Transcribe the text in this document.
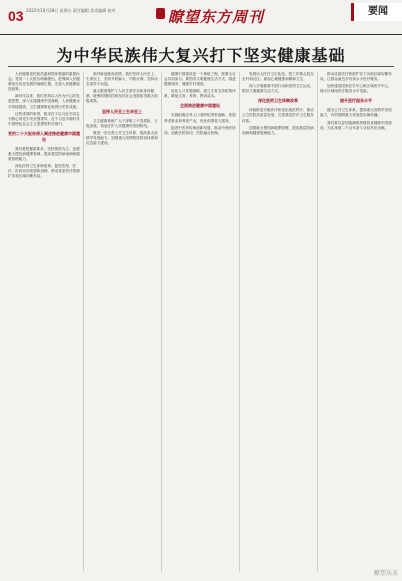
03 2022年10月28日 星期五 责任编辑 美术编辑 校对	瞭望东方周刊	要闻
为中华民族伟大复兴打下坚实健康基础

人民健康是民族昌盛和国家强盛的重要标志。党的二十大报告明确提出，把保障人民健康放在优先发展的战略位置，完善人民健康促进政策。

新时代以来，我们坚持以人民为中心的发展思想，深入实施健康中国战略，人民健康水平持续提高，卫生健康事业取得历史性成就。

这些成绩的取得，根本在于以习近平同志为核心的党中央坚强领导，在于习近平新时代中国特色社会主义思想的科学指引。

党的二十大报告深入阐述推进健康中国建设

我们要把握新要求，坚持预防为主，加强重大慢性病健康管理，提高基层防病治病和健康管理能力。

深化医药卫生体制改革，促进医保、医疗、医药协同发展和治理，推动优质医疗资源扩容和区域均衡布局。

面对新冠肺炎疫情，我们坚持人民至上、生命至上，坚持外防输入、内防反弹，坚持动态清零不动摇。

最大限度保护了人民生命安全和身体健康，统筹疫情防控和经济社会发展取得重大积极成果。

坚持人民至上生命至上

卫生健康系统广大干部职工不畏艰险、日夜奋战，筑起守护人民健康的坚固防线。

要进一步完善公共卫生体系，提高重大疫情早发现能力，加强重大疫情防控救治体系和应急能力建设。

健康中国建设是一个系统工程，需要全社会共同参与。要倡导文明健康生活方式，推进健康城市、健康乡村建设。

优化人口发展战略，建立生育支持政策体系，降低生育、养育、教育成本。

全面推进健康中国建设

实施积极应对人口老龄化国家战略，发展养老事业和养老产业，优化孤寡老人服务。

促进中医药传承创新发展，推动中西医协同。创新医防协同、医防融合机制。

发展壮大医疗卫生队伍，把工作重点放在农村和社区。重视心理健康和精神卫生。

深入开展健康中国行动和爱国卫生运动，倡导文明健康生活方式。

深化医药卫生体制改革

持续推进分级诊疗和优化就医秩序，推动公立医院高质量发展，完善基层医疗卫生服务体系。

加强重大慢性病健康管理，提高基层防病治病和健康管理能力。

推动优质医疗资源扩容下沉和区域均衡布局，让群众就近享有高水平医疗服务。

加快建设国家医学中心和区域医疗中心，缩小区域间医疗服务水平差距。

提升医疗服务水平

健全公共卫生体系，提高重大疫情早发现能力，有效遏制重大传染性疾病传播。

我们要以更加饱满的热情投身健康中国建设，为实现第二个百年奋斗目标作出贡献。

瞭望东方
